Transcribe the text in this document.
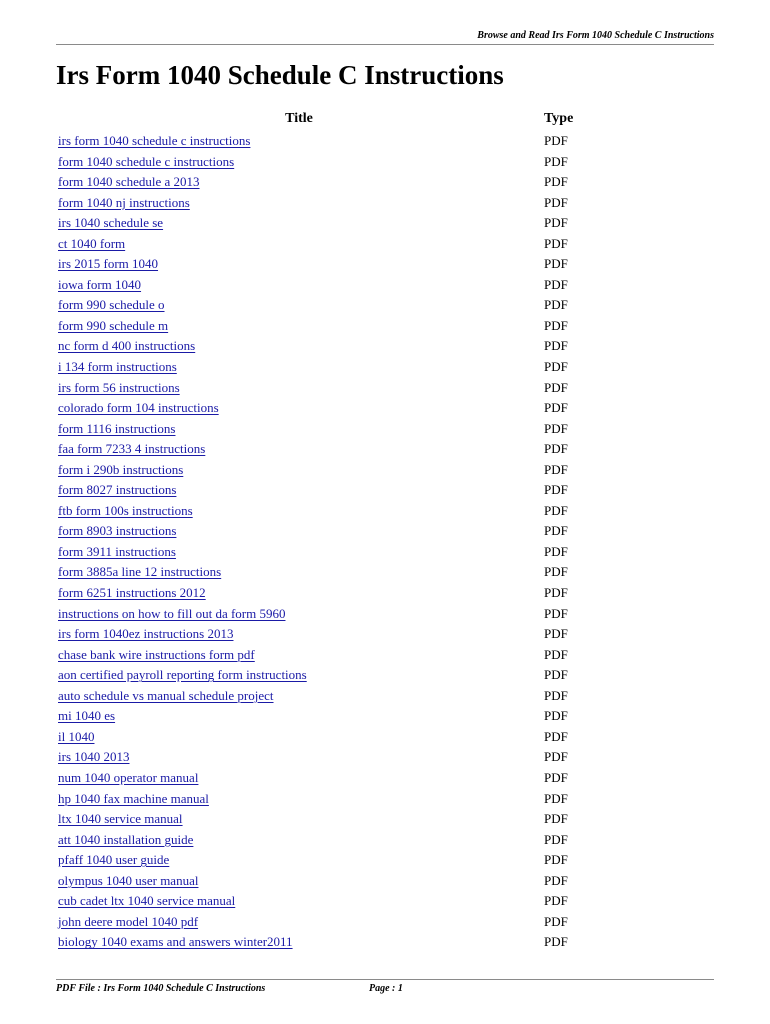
Browse and Read Irs Form 1040 Schedule C Instructions
Irs Form 1040 Schedule C Instructions
Title	Type
irs form 1040 schedule c instructions	PDF
form 1040 schedule c instructions	PDF
form 1040 schedule a 2013	PDF
form 1040 nj instructions	PDF
irs 1040 schedule se	PDF
ct 1040 form	PDF
irs 2015 form 1040	PDF
iowa form 1040	PDF
form 990 schedule o	PDF
form 990 schedule m	PDF
nc form d 400 instructions	PDF
i 134 form instructions	PDF
irs form 56 instructions	PDF
colorado form 104 instructions	PDF
form 1116 instructions	PDF
faa form 7233 4 instructions	PDF
form i 290b instructions	PDF
form 8027 instructions	PDF
ftb form 100s instructions	PDF
form 8903 instructions	PDF
form 3911 instructions	PDF
form 3885a line 12 instructions	PDF
form 6251 instructions 2012	PDF
instructions on how to fill out da form 5960	PDF
irs form 1040ez instructions 2013	PDF
chase bank wire instructions form pdf	PDF
aon certified payroll reporting form instructions	PDF
auto schedule vs manual schedule project	PDF
mi 1040 es	PDF
il 1040	PDF
irs 1040 2013	PDF
num 1040 operator manual	PDF
hp 1040 fax machine manual	PDF
ltx 1040 service manual	PDF
att 1040 installation guide	PDF
pfaff 1040 user guide	PDF
olympus 1040 user manual	PDF
cub cadet ltx 1040 service manual	PDF
john deere model 1040 pdf	PDF
biology 1040 exams and answers winter2011	PDF
PDF File : Irs Form 1040 Schedule C Instructions	Page : 1
